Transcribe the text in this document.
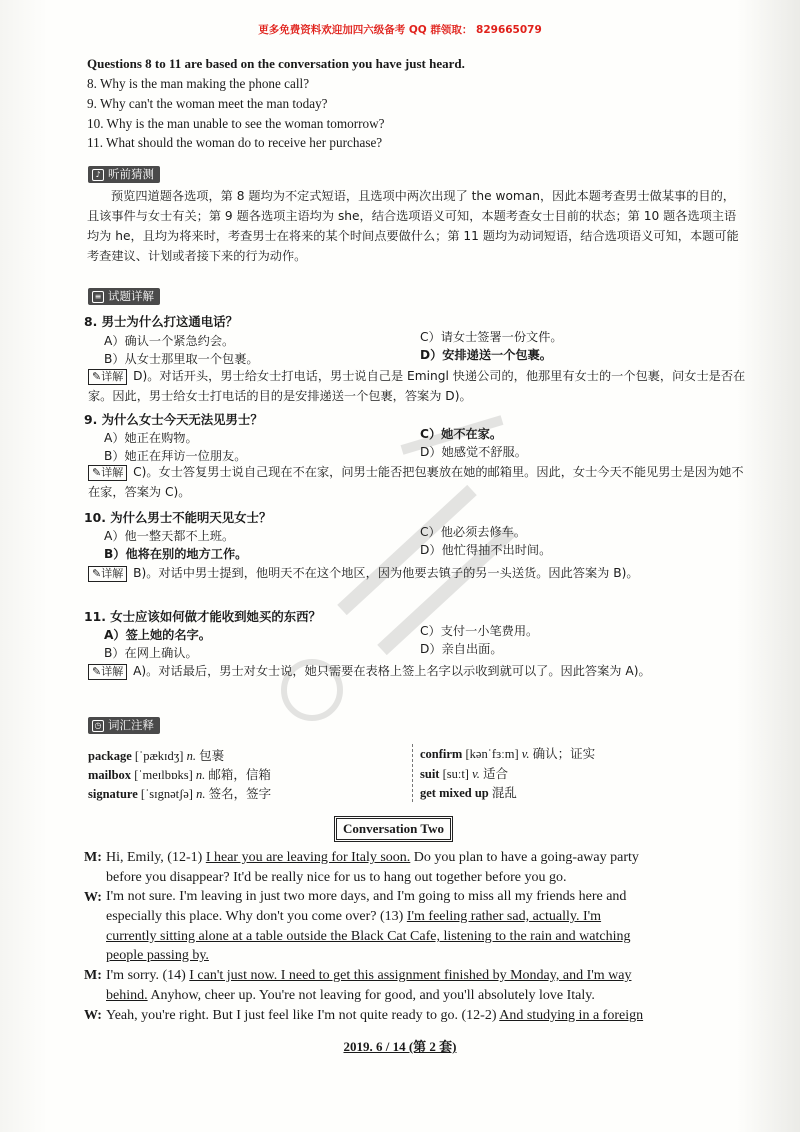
更多免费资料欢迎加四六级备考 QQ 群领取： 829665079
Questions 8 to 11 are based on the conversation you have just heard.
8. Why is the man making the phone call?
9. Why can't the woman meet the man today?
10. Why is the man unable to see the woman tomorrow?
11. What should the woman do to receive her purchase?
♪ 听前猜测
预览四道题各选项，第 8 题均为不定式短语，且选项中两次出现了 the woman，因此本题考查男士做某事的目的，且该事件与女士有关；第 9 题各选项主语均为 she，结合选项语义可知，本题考查女士目前的状态；第 10 题各选项主语均为 he，且均为将来时，考查男士在将来的某个时间点要做什么；第 11 题均为动词短语，结合选项语义可知，本题可能考查建议、计划或者接下来的行为动作。
≡ 试题详解
8. 男士为什么打这通电话？
A）确认一个紧急约会。
B）从女士那里取一个包裹。
C）请女士签署一份文件。
D）安排递送一个包裹。
✎详解 D)。对话开头，男士给女士打电话，男士说自己是 Emingl 快递公司的，他那里有女士的一个包裹，问女士是否在家。因此，男士给女士打电话的目的是安排递送一个包裹，答案为 D)。
9. 为什么女士今天无法见男士？
A）她正在购物。
B）她正在拜访一位朋友。
C）她不在家。
D）她感觉不舒服。
✎详解 C)。女士答复男士说自己现在不在家，问男士能否把包裹放在她的邮箱里。因此，女士今天不能见男士是因为她不在家，答案为 C)。
10. 为什么男士不能明天见女士？
A）他一整天都不上班。
B）他将在别的地方工作。
C）他必须去修车。
D）他忙得抽不出时间。
✎详解 B)。对话中男士提到，他明天不在这个地区，因为他要去镇子的另一头送货。因此答案为 B)。
11. 女士应该如何做才能收到她买的东西？
A）签上她的名字。
B）在网上确认。
C）支付一小笔费用。
D）亲自出面。
✎详解 A)。对话最后，男士对女士说，她只需要在表格上签上名字以示收到就可以了。因此答案为 A)。
◷ 词汇注释
package [ˈpækɪdʒ] n. 包裹
mailbox [ˈmeɪlbɒks] n. 邮箱，信箱
signature [ˈsɪgnətʃə] n. 签名，签字
confirm [kənˈfɜːm] v. 确认；证实
suit [suːt] v. 适合
get mixed up 混乱
Conversation Two
M: Hi, Emily, (12-1) I hear you are leaving for Italy soon. Do you plan to have a going-away party
before you disappear? It'd be really nice for us to hang out together before you go.
W: I'm not sure. I'm leaving in just two more days, and I'm going to miss all my friends here and
especially this place. Why don't you come over? (13) I'm feeling rather sad, actually. I'm
currently sitting alone at a table outside the Black Cat Cafe, listening to the rain and watching
people passing by.
M: I'm sorry. (14) I can't just now. I need to get this assignment finished by Monday, and I'm way
behind. Anyhow, cheer up. You're not leaving for good, and you'll absolutely love Italy.
W: Yeah, you're right. But I just feel like I'm not quite ready to go. (12-2) And studying in a foreign
2019. 6 / 14 (第 2 套)
